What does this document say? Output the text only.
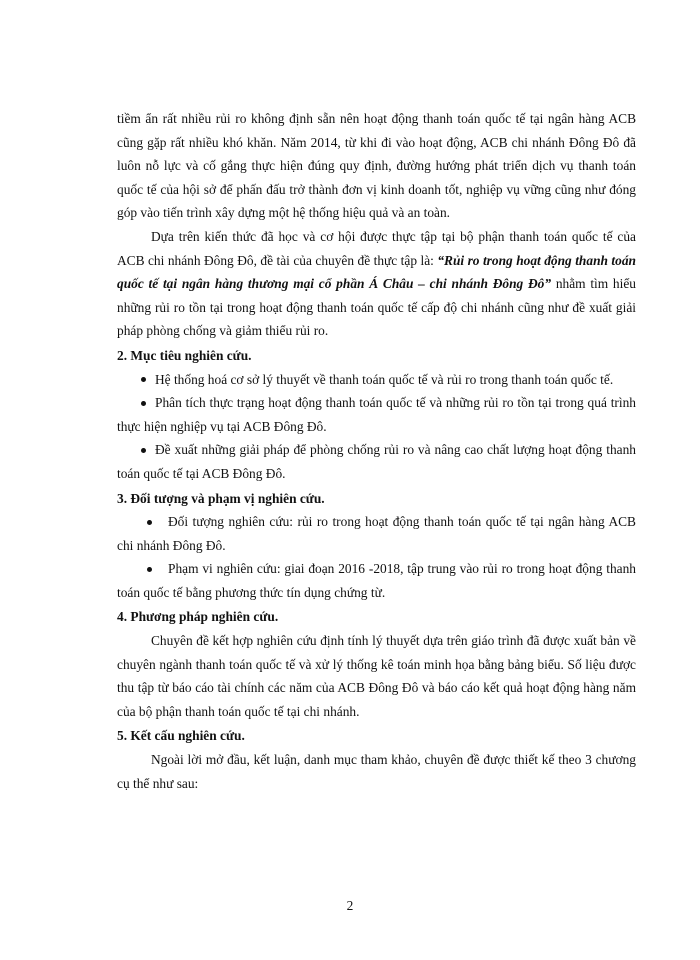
tiềm ẩn rất nhiều rủi ro không định sẵn nên hoạt động thanh toán quốc tế tại ngân hàng ACB cũng gặp rất nhiều khó khăn. Năm 2014, từ khi đi vào hoạt động, ACB chi nhánh Đông Đô đã luôn nỗ lực và cố gắng thực hiện đúng quy định, đường hướng phát triển dịch vụ thanh toán quốc tế của hội sở để phấn đấu trở thành đơn vị kinh doanh tốt, nghiệp vụ vững cũng như đóng góp vào tiến trình xây dựng một hệ thống hiệu quả và an toàn.

Dựa trên kiến thức đã học và cơ hội được thực tập tại bộ phận thanh toán quốc tế của ACB chi nhánh Đông Đô, đề tài của chuyên đề thực tập là: “Rủi ro trong hoạt động thanh toán quốc tế tại ngân hàng thương mại cổ phần Á Châu – chi nhánh Đông Đô” nhằm tìm hiểu những rủi ro tồn tại trong hoạt động thanh toán quốc tế cấp độ chi nhánh cũng như đề xuất giải pháp phòng chống và giảm thiểu rủi ro.

2. Mục tiêu nghiên cứu.

Hệ thống hoá cơ sở lý thuyết về thanh toán quốc tế và rủi ro trong thanh toán quốc tế.

Phân tích thực trạng hoạt động thanh toán quốc tế và những rủi ro tồn tại trong quá trình thực hiện nghiệp vụ tại ACB Đông Đô.

Đề xuất những giải pháp để phòng chống rủi ro và nâng cao chất lượng hoạt động thanh toán quốc tế tại ACB Đông Đô.

3. Đối tượng và phạm vị nghiên cứu.

Đối tượng nghiên cứu: rủi ro trong hoạt động thanh toán quốc tế tại ngân hàng ACB chi nhánh Đông Đô.

Phạm vi nghiên cứu: giai đoạn 2016 -2018, tập trung vào rủi ro trong hoạt động thanh toán quốc tế bằng phương thức tín dụng chứng từ.

4. Phương pháp nghiên cứu.

Chuyên đề kết hợp nghiên cứu định tính lý thuyết dựa trên giáo trình đã được xuất bản về chuyên ngành thanh toán quốc tế và xử lý thống kê toán minh họa bằng bảng biểu. Số liệu được thu tập từ báo cáo tài chính các năm của ACB Đông Đô và báo cáo kết quả hoạt động hàng năm của bộ phận thanh toán quốc tế tại chi nhánh.

5. Kết cấu nghiên cứu.

Ngoài lời mở đầu, kết luận, danh mục tham khảo, chuyên đề được thiết kế theo 3 chương cụ thể như sau:

2
